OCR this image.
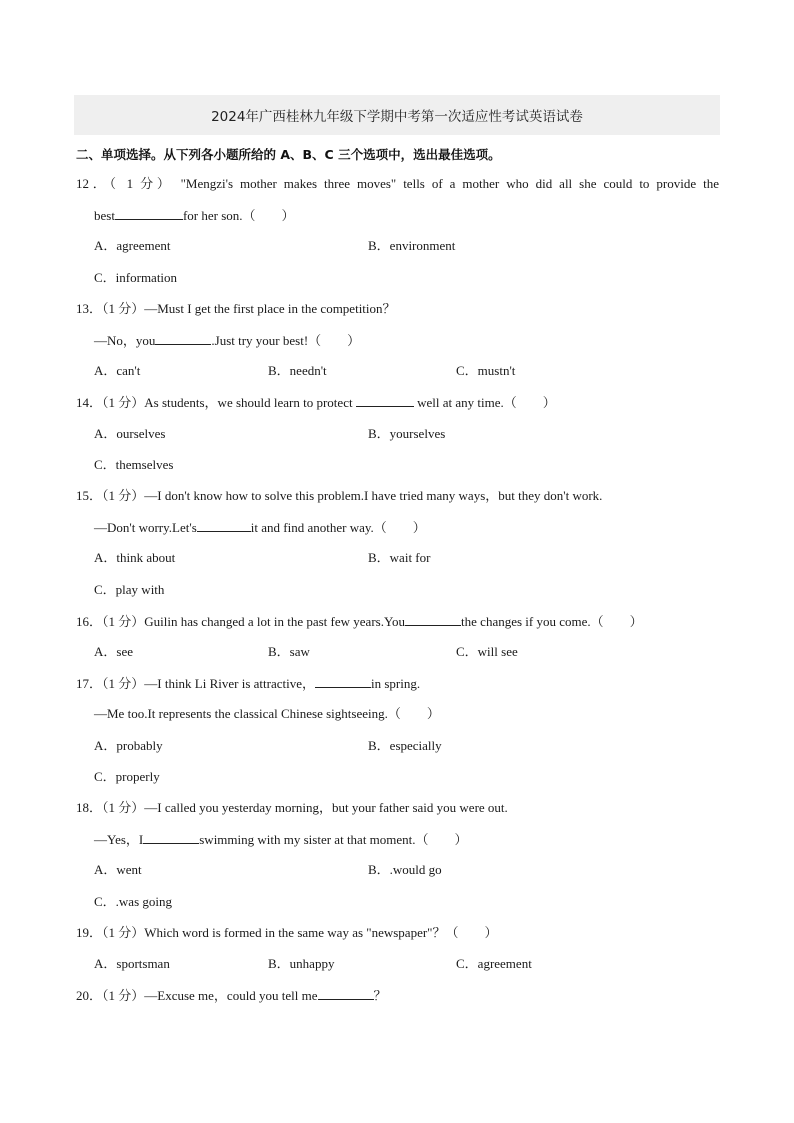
2024年广西桂林九年级下学期中考第一次适应性考试英语试卷
二、单项选择。从下列各小题所给的 A、B、C 三个选项中，选出最佳选项。
12．（ 1 分） "Mengzi's mother makes three moves" tells of a mother who did all she could to provide the
best	for her son.（　　）
A．agreement	B．environment
C．information
13．（1 分）—Must I get the first place in the competition？
—No，you	.Just try your best!（　　）
A．can't	B．needn't	C．mustn't
14．（1 分）As students，we should learn to protect	well at any time.（　　）
A．ourselves	B．yourselves
C．themselves
15．（1 分）—I don't know how to solve this problem.I have tried many ways，but they don't work.
—Don't worry.Let's	it and find another way.（　　）
A．think about	B．wait for
C．play with
16．（1 分）Guilin has changed a lot in the past few years.You	the changes if you come.（　　）
A．see	B．saw	C．will see
17．（1 分）—I think Li River is attractive，	in spring.
—Me too.It represents the classical Chinese sightseeing.（　　）
A．probably	B．especially
C．properly
18．（1 分）—I called you yesterday morning，but your father said you were out.
—Yes，I	swimming with my sister at that moment.（　　）
A．went	B．.would go
C．.was going
19．（1 分）Which word is formed in the same way as "newspaper"？（　　）
A．sportsman	B．unhappy	C．agreement
20．（1 分）—Excuse me，could you tell me	？
